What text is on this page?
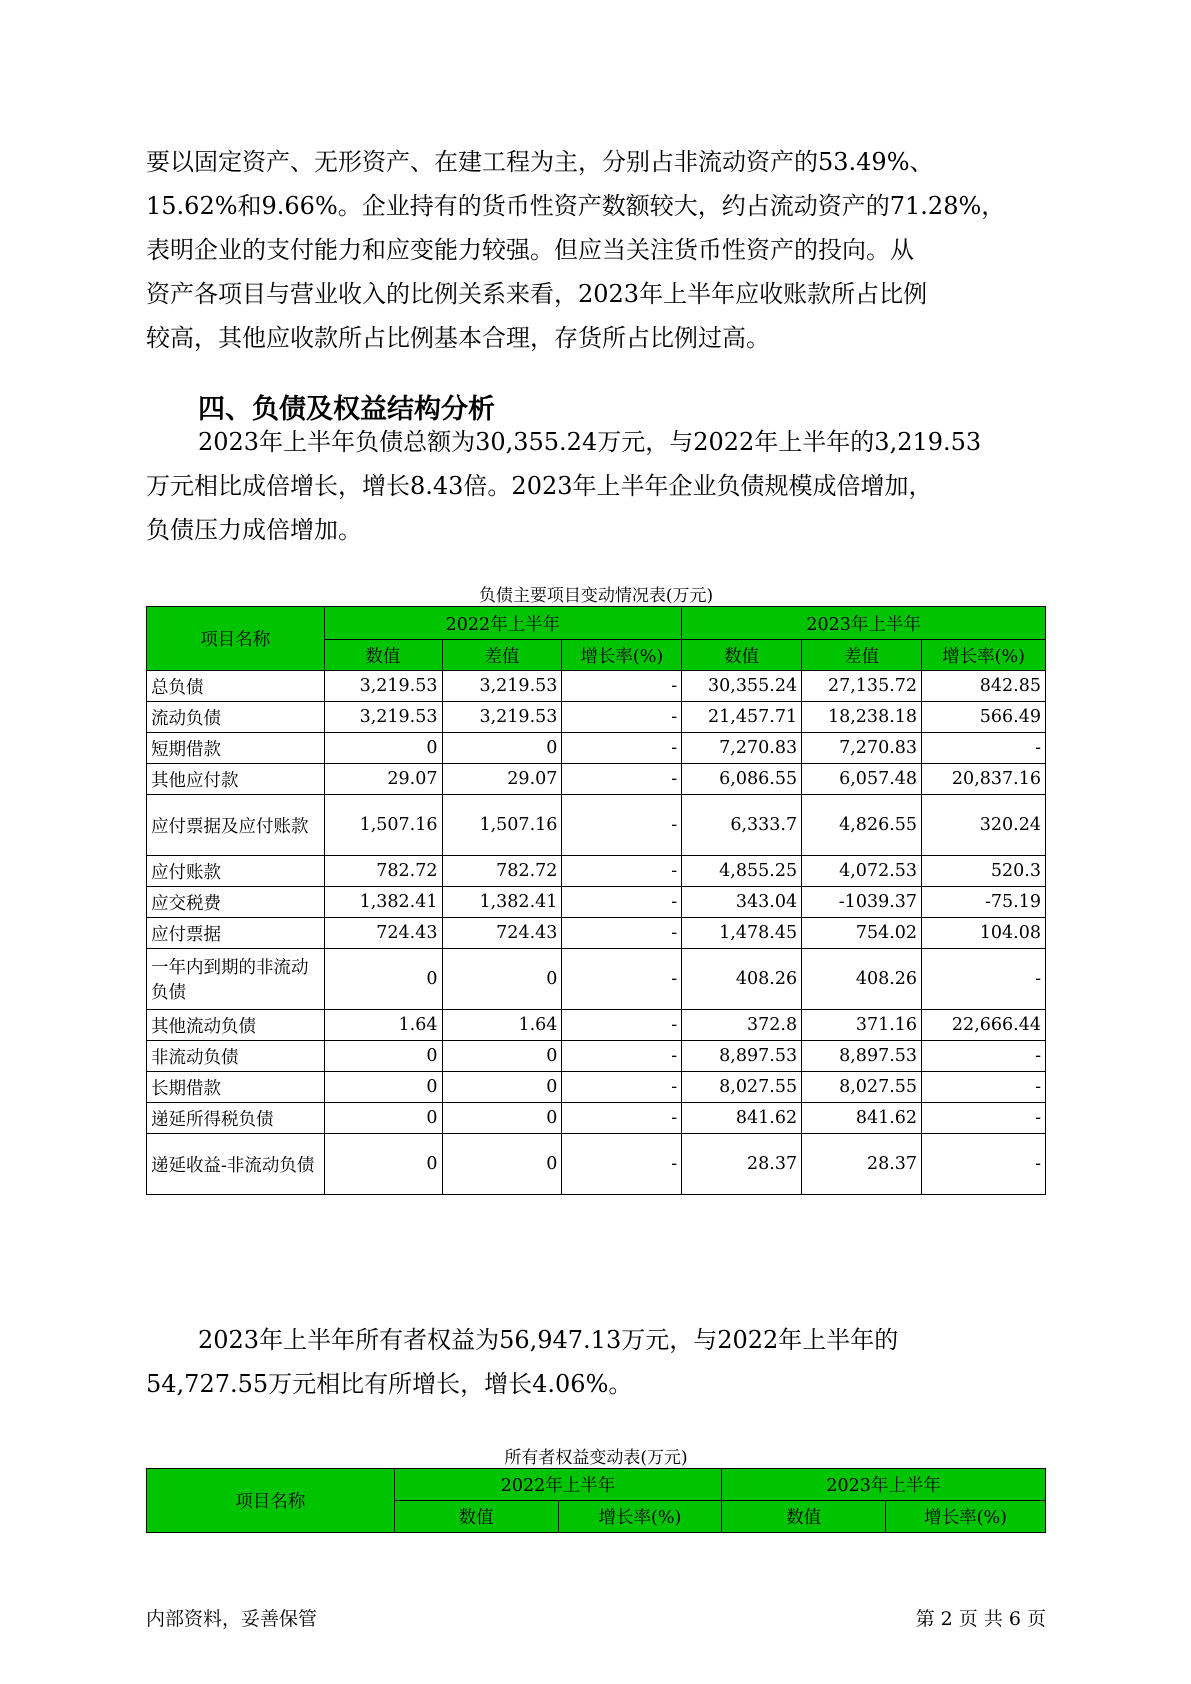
要以固定资产、无形资产、在建工程为主，分别占非流动资产的53.49%、

15.62%和9.66%。企业持有的货币性资产数额较大，约占流动资产的71.28%，

表明企业的支付能力和应变能力较强。但应当关注货币性资产的投向。从

资产各项目与营业收入的比例关系来看，2023年上半年应收账款所占比例

较高，其他应收款所占比例基本合理，存货所占比例过高。

四、负债及权益结构分析

2023年上半年负债总额为30,355.24万元，与2022年上半年的3,219.53

万元相比成倍增长，增长8.43倍。2023年上半年企业负债规模成倍增加，

负债压力成倍增加。

负债主要项目变动情况表(万元)
项目名称	2022年上半年			2023年上半年		
	数值	差值	增长率(%)	数值	差值	增长率(%)
总负债	3,219.53	3,219.53	-	30,355.24	27,135.72	842.85
流动负债	3,219.53	3,219.53	-	21,457.71	18,238.18	566.49
短期借款	0	0	-	7,270.83	7,270.83	-
其他应付款	29.07	29.07	-	6,086.55	6,057.48	20,837.16
应付票据及应付账款	1,507.16	1,507.16	-	6,333.7	4,826.55	320.24
应付账款	782.72	782.72	-	4,855.25	4,072.53	520.3
应交税费	1,382.41	1,382.41	-	343.04	-1039.37	-75.19
应付票据	724.43	724.43	-	1,478.45	754.02	104.08
一年内到期的非流动负债	0	0	-	408.26	408.26	-
其他流动负债	1.64	1.64	-	372.8	371.16	22,666.44
非流动负债	0	0	-	8,897.53	8,897.53	-
长期借款	0	0	-	8,027.55	8,027.55	-
递延所得税负债	0	0	-	841.62	841.62	-
递延收益-非流动负债	0	0	-	28.37	28.37	-

2023年上半年所有者权益为56,947.13万元，与2022年上半年的

54,727.55万元相比有所增长，增长4.06%。

所有者权益变动表(万元)
项目名称	2022年上半年		2023年上半年	
	数值	增长率(%)	数值	增长率(%)
内部资料，妥善保管	第 2 页 共 6 页
